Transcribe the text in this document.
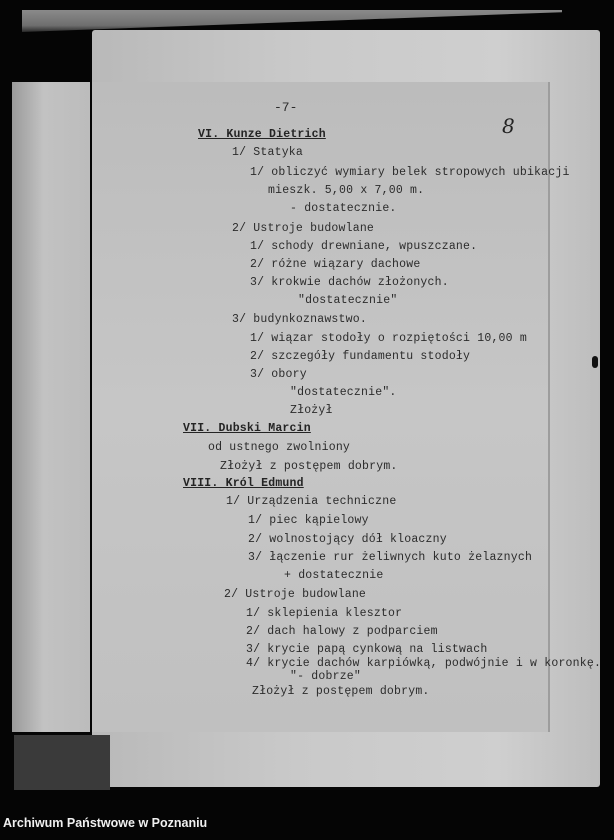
-7-
8
VI. Kunze Dietrich
1/ Statyka
1/ obliczyć wymiary belek stropowych ubikacji
mieszk. 5,00 x 7,00 m.
- dostatecznie.
2/ Ustroje budowlane
1/ schody drewniane, wpuszczane.
2/ różne wiązary dachowe
3/ krokwie dachów złożonych.
"dostatecznie"
3/ budynkoznawstwo.
1/ wiązar stodoły o rozpiętości 10,00 m
2/ szczegóły fundamentu stodoły
3/ obory
"dostatecznie".
Złożył
VII. Dubski Marcin
od ustnego zwolniony
Złożył z postępem dobrym.
VIII. Król Edmund
1/ Urządzenia techniczne
1/ piec kąpielowy
2/ wolnostojący dół kloaczny
3/ łączenie rur żeliwnych kuto żelaznych
+ dostatecznie
2/ Ustroje budowlane
1/ sklepienia klesztor
2/ dach halowy z podparciem
3/ krycie papą cynkową na listwach
4/ krycie dachów karpiówką, podwójnie i w koronkę.
"- dobrze"
Złożył z postępem dobrym.
Archiwum Państwowe w Poznaniu
